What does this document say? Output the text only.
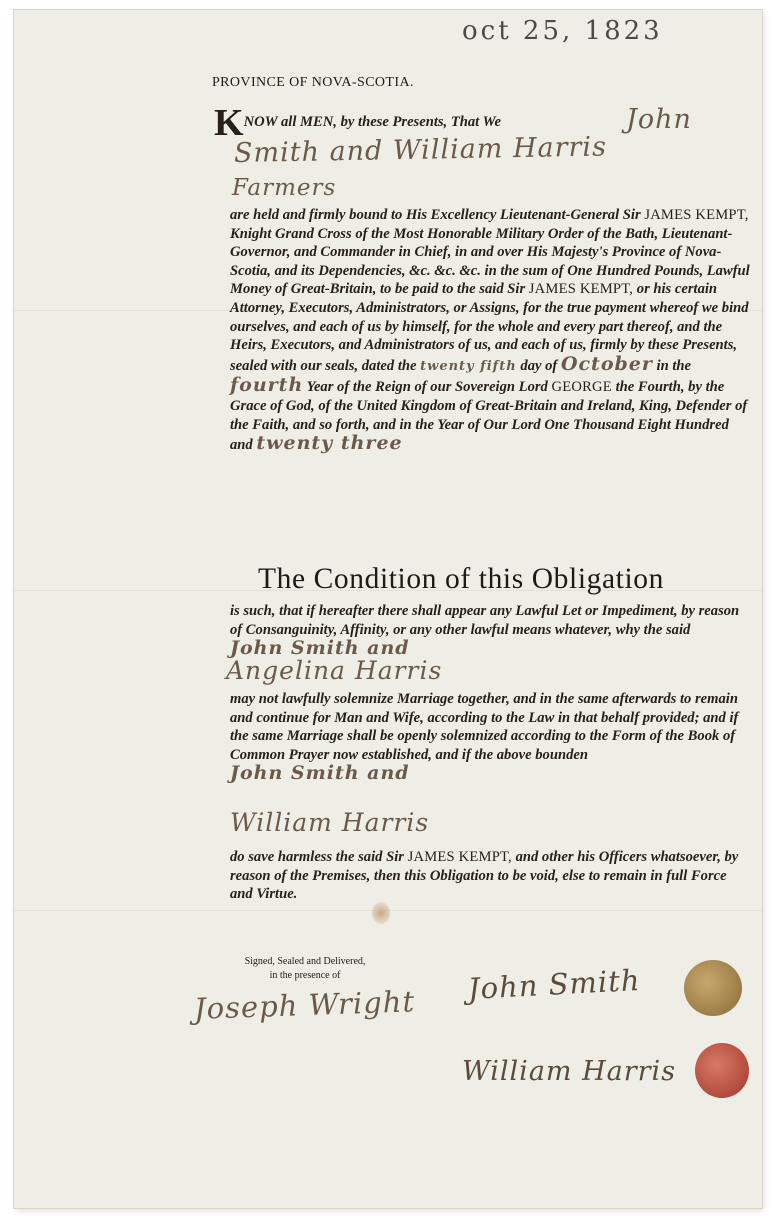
oct 25, 1823
PROVINCE OF NOVA-SCOTIA.
KNOW all MEN, by these Presents, That We	John
Smith and William Harris
Farmers
are held and firmly bound to His Excellency Lieutenant-General Sir JAMES KEMPT, Knight Grand Cross of the Most Honorable Military Order of the Bath, Lieutenant-Governor, and Commander in Chief, in and over His Majesty's Province of Nova-Scotia, and its Dependencies, &c. &c. &c. in the sum of One Hundred Pounds, Lawful Money of Great-Britain, to be paid to the said Sir JAMES KEMPT, or his certain Attorney, Executors, Administrators, or Assigns, for the true payment whereof we bind ourselves, and each of us by himself, for the whole and every part thereof, and the Heirs, Executors, and Administrators of us, and each of us, firmly by these Presents, sealed with our seals, dated the twenty fifth day of October in the fourth Year of the Reign of our Sovereign Lord GEORGE the Fourth, by the Grace of God, of the United Kingdom of Great-Britain and Ireland, King, Defender of the Faith, and so forth, and in the Year of Our Lord One Thousand Eight Hundred and twenty three
The Condition of this Obligation
is such, that if hereafter there shall appear any Lawful Let or Impediment, by reason of Consanguinity, Affinity, or any other lawful means whatever, why the said John Smith and
Angelina Harris
may not lawfully solemnize Marriage together, and in the same afterwards to remain and continue for Man and Wife, according to the Law in that behalf provided; and if the same Marriage shall be openly solemnized according to the Form of the Book of Common Prayer now established, and if the above bounden John Smith and
William Harris
do save harmless the said Sir JAMES KEMPT, and other his Officers whatsoever, by reason of the Premises, then this Obligation to be void, else to remain in full Force and Virtue.
Signed, Sealed and Delivered,
in the presence of
Joseph Wright John Smith
William Harris
